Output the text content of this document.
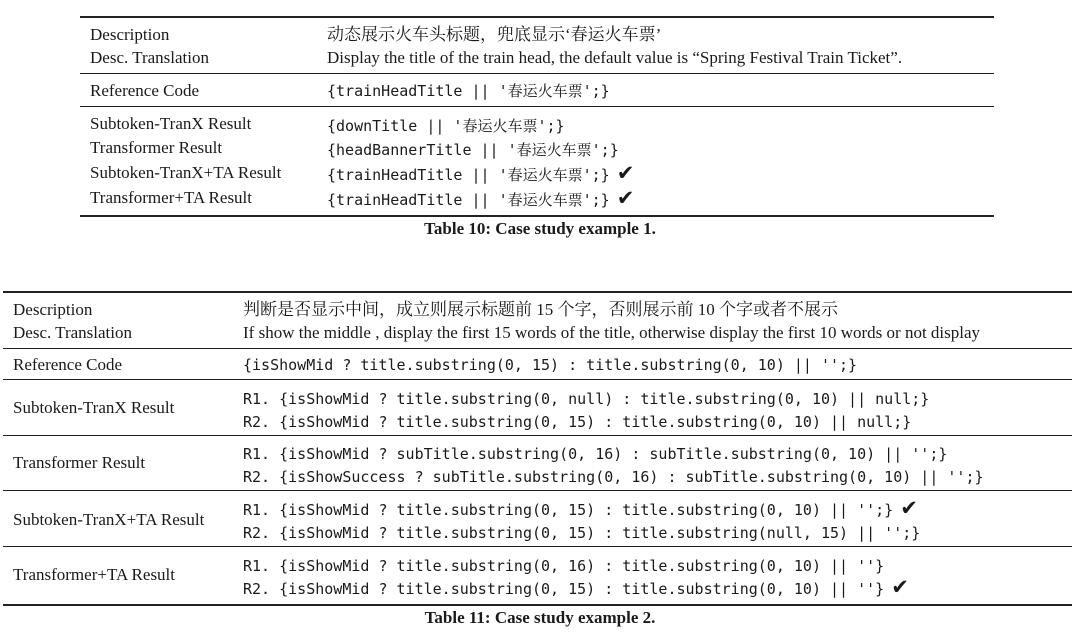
Description	动态展示火车头标题，兜底显示‘春运火车票’
Desc. Translation	Display the title of the train head, the default value is “Spring Festival Train Ticket”.
Reference Code	{trainHeadTitle || '春运火车票';}
Subtoken-TranX Result	{downTitle || '春运火车票';}
Transformer Result	{headBannerTitle || '春运火车票';}
Subtoken-TranX+TA Result	{trainHeadTitle || '春运火车票';} ✔
Transformer+TA Result	{trainHeadTitle || '春运火车票';} ✔
Table 10: Case study example 1.
Description	判断是否显示中间，成立则展示标题前 15 个字，否则展示前 10 个字或者不展示
Desc. Translation	If show the middle , display the first 15 words of the title, otherwise display the first 10 words or not display
Reference Code	{isShowMid ? title.substring(0, 15) : title.substring(0, 10) || '';}
Subtoken-TranX Result	R1. {isShowMid ? title.substring(0, null) : title.substring(0, 10) || null;}
R2. {isShowMid ? title.substring(0, 15) : title.substring(0, 10) || null;}
Transformer Result	R1. {isShowMid ? subTitle.substring(0, 16) : subTitle.substring(0, 10) || '';}
R2. {isShowSuccess ? subTitle.substring(0, 16) : subTitle.substring(0, 10) || '';}
Subtoken-TranX+TA Result	R1. {isShowMid ? title.substring(0, 15) : title.substring(0, 10) || '';} ✔
R2. {isShowMid ? title.substring(0, 15) : title.substring(null, 15) || '';}
Transformer+TA Result	R1. {isShowMid ? title.substring(0, 16) : title.substring(0, 10) || ''}
R2. {isShowMid ? title.substring(0, 15) : title.substring(0, 10) || ''} ✔
Table 11: Case study example 2.
